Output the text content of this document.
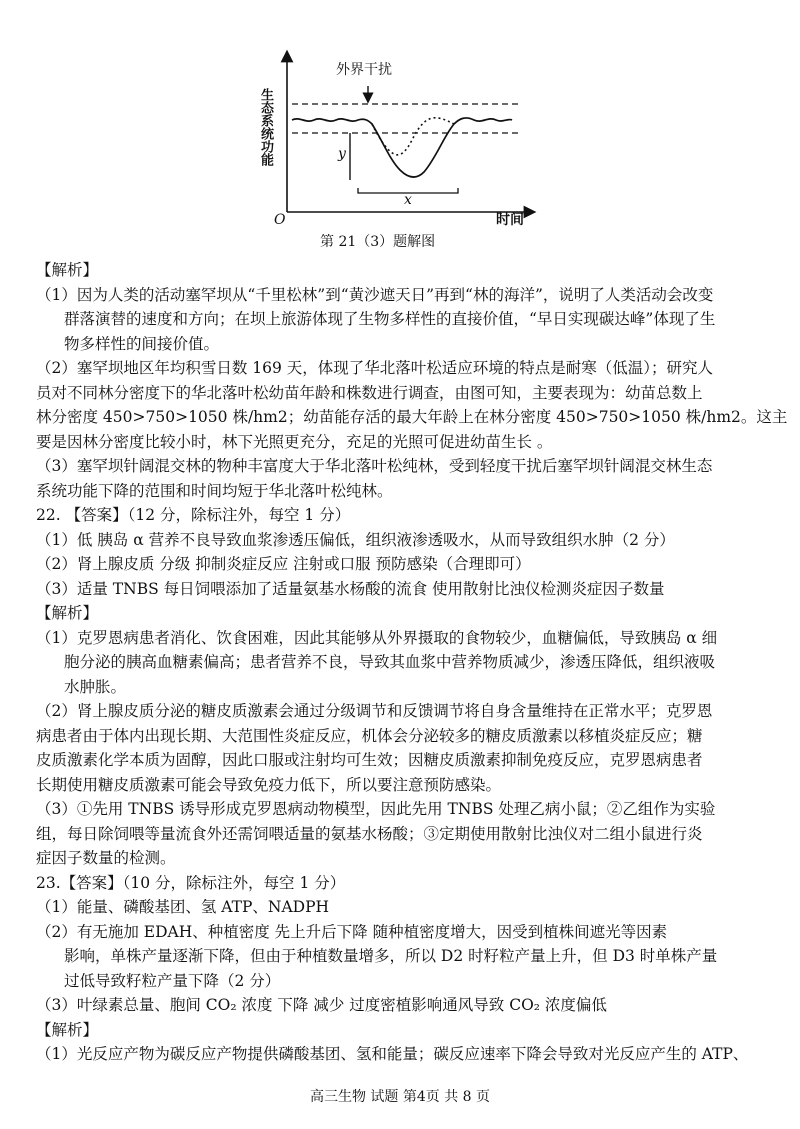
生态系统功能
外界干扰
y
x
O	时间
第 21（3）题解图
【解析】
（1）因为人类的活动塞罕坝从“千里松林”到“黄沙遮天日”再到“林的海洋”，说明了人类活动会改变
群落演替的速度和方向；在坝上旅游体现了生物多样性的直接价值，“早日实现碳达峰”体现了生
物多样性的间接价值。
（2）塞罕坝地区年均积雪日数 169 天，体现了华北落叶松适应环境的特点是耐寒（低温）；研究人
员对不同林分密度下的华北落叶松幼苗年龄和株数进行调查，由图可知，主要表现为：幼苗总数上
林分密度 450>750>1050 株/hm2；幼苗能存活的最大年龄上在林分密度 450>750>1050 株/hm2。这主
要是因林分密度比较小时，林下光照更充分，充足的光照可促进幼苗生长 。
（3）塞罕坝针阔混交林的物种丰富度大于华北落叶松纯林，受到轻度干扰后塞罕坝针阔混交林生态
系统功能下降的范围和时间均短于华北落叶松纯林。
22. 【答案】（12 分，除标注外，每空 1 分）
（1）低 胰岛 α 营养不良导致血浆渗透压偏低，组织液渗透吸水，从而导致组织水肿（2 分）
（2）肾上腺皮质 分级 抑制炎症反应 注射或口服 预防感染（合理即可）
（3）适量 TNBS 每日饲喂添加了适量氨基水杨酸的流食 使用散射比浊仪检测炎症因子数量
【解析】
（1）克罗恩病患者消化、饮食困难，因此其能够从外界摄取的食物较少，血糖偏低，导致胰岛 α 细
胞分泌的胰高血糖素偏高；患者营养不良，导致其血浆中营养物质减少，渗透压降低，组织液吸
水肿胀。
（2）肾上腺皮质分泌的糖皮质激素会通过分级调节和反馈调节将自身含量维持在正常水平；克罗恩
病患者由于体内出现长期、大范围性炎症反应，机体会分泌较多的糖皮质激素以移植炎症反应；糖
皮质激素化学本质为固醇，因此口服或注射均可生效；因糖皮质激素抑制免疫反应，克罗恩病患者
长期使用糖皮质激素可能会导致免疫力低下，所以要注意预防感染。
（3）①先用 TNBS 诱导形成克罗恩病动物模型，因此先用 TNBS 处理乙病小鼠；②乙组作为实验
组，每日除饲喂等量流食外还需饲喂适量的氨基水杨酸；③定期使用散射比浊仪对二组小鼠进行炎
症因子数量的检测。
23.【答案】（10 分，除标注外，每空 1 分）
（1）能量、磷酸基团、氢 ATP、NADPH
（2）有无施加 EDAH、种植密度 先上升后下降 随种植密度增大，因受到植株间遮光等因素
影响，单株产量逐渐下降，但由于种植数量增多，所以 D2 时籽粒产量上升，但 D3 时单株产量
过低导致籽粒产量下降（2 分）
（3）叶绿素总量、胞间 CO₂ 浓度 下降 减少 过度密植影响通风导致 CO₂ 浓度偏低
【解析】
（1）光反应产物为碳反应产物提供磷酸基团、氢和能量；碳反应速率下降会导致对光反应产生的 ATP、
高三生物 试题 第4页 共 8 页
